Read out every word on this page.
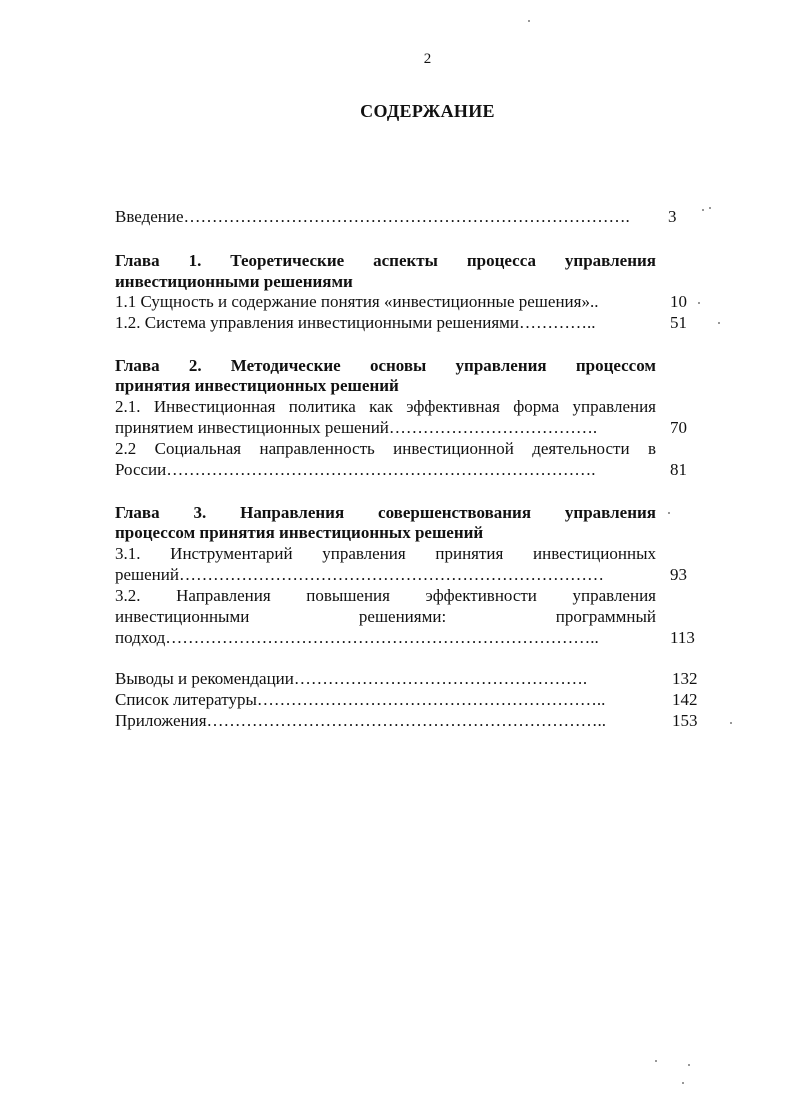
2
СОДЕРЖАНИЕ
Введение…………………………………………………………………….	3
Глава 1. Теоретические аспекты процесса управления
инвестиционными решениями
1.1 Сущность и содержание понятия «инвестиционные решения»..	10
1.2. Система управления инвестиционными решениями…………..	51
Глава 2. Методические основы управления процессом
принятия инвестиционных решений
2.1. Инвестиционная политика как эффективная форма управления
принятием инвестиционных решений……………………………….	70
2.2 Социальная направленность инвестиционной деятельности в
России………………………………………………………………….	81
Глава 3. Направления совершенствования управления
процессом принятия инвестиционных решений
3.1. Инструментарий управления принятия инвестиционных
решений…………………………………………………………………	93
3.2. Направления повышения эффективности управления
инвестиционными решениями: программный
подход…………………………………………………………………..	113
Выводы и рекомендации…………………………………………….	132
Список литературы……………………………………………………..	142
Приложения……………………………………………………………..	153
